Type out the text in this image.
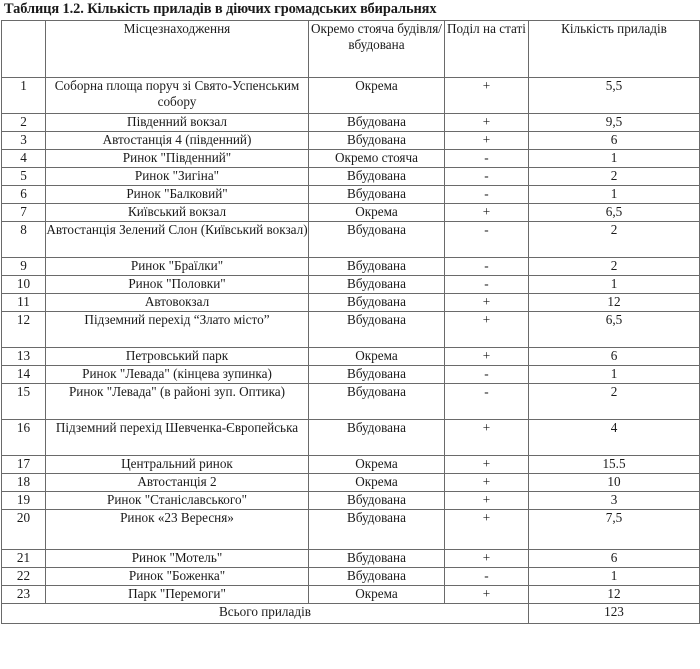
Таблиця 1.2. Кількість приладів в діючих громадських вбиральнях

	Місцезнаходження	Окремо стояча будівля/вбудована	Поділ на статі	Кількість приладів

1	Соборна площа поруч зі Свято-Успенським собору	Окрема	+	5,5
2	Південний вокзал	Вбудована	+	9,5
3	Автостанція 4 (південний)	Вбудована	+	6
4	Ринок "Південний"	Окремо стояча	-	1
5	Ринок "Зигіна"	Вбудована	-	2
6	Ринок "Балковий"	Вбудована	-	1
7	Київський вокзал	Окрема	+	6,5
8	Автостанція Зелений Слон (Київський вокзал)	Вбудована	-	2
9	Ринок "Браїлки"	Вбудована	-	2
10	Ринок "Половки"	Вбудована	-	1
11	Автовокзал	Вбудована	+	12
12	Підземний перехід “Злато місто”	Вбудована	+	6,5
13	Петровський парк	Окрема	+	6
14	Ринок "Левада" (кінцева зупинка)	Вбудована	-	1
15	Ринок "Левада" (в районі зуп. Оптика)	Вбудована	-	2
16	Підземний перехід Шевченка-Європейська	Вбудована	+	4
17	Центральний ринок	Окрема	+	15.5
18	Автостанція 2	Окрема	+	10
19	Ринок "Станіславського"	Вбудована	+	3
20	Ринок «23 Вересня»	Вбудована	+	7,5
21	Ринок "Мотель"	Вбудована	+	6
22	Ринок "Боженка"	Вбудована	-	1
23	Парк "Перемоги"	Окрема	+	12
Всього приладів				123
